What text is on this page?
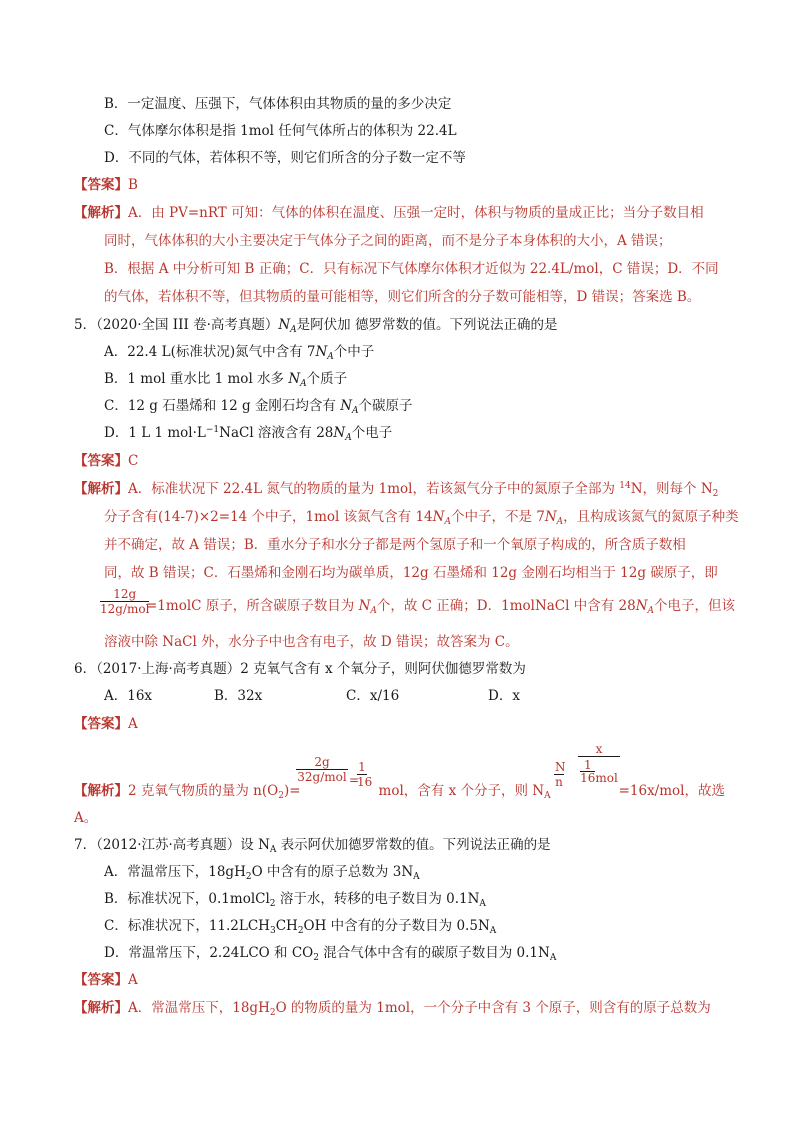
B．一定温度、压强下，气体体积由其物质的量的多少决定
C．气体摩尔体积是指 1mol 任何气体所占的体积为 22.4L
D．不同的气体，若体积不等，则它们所含的分子数一定不等
【答案】B
【解析】A．由 PV=nRT 可知：气体的体积在温度、压强一定时，体积与物质的量成正比；当分子数目相
同时，气体体积的大小主要决定于气体分子之间的距离，而不是分子本身体积的大小，A 错误；
B．根据 A 中分析可知 B 正确；C．只有标况下气体摩尔体积才近似为 22.4L/mol，C 错误；D．不同
的气体，若体积不等，但其物质的量可能相等，则它们所含的分子数可能相等，D 错误；答案选 B。
5．（2020·全国 III 卷·高考真题）$N_A$是阿伏加 德罗常数的值。下列说法正确的是
A．22.4 L(标准状况)氮气中含有 $7N_A$个中子
B．1 mol 重水比 1 mol 水多 $N_A$个质子
C．12 g 石墨烯和 12 g 金刚石均含有 $N_A$个碳原子
D．1 L 1 $mol\cdot L^{-1}NaCl$ 溶液含有 $28N_A$个电子
【答案】C
【解析】A．标准状况下 22.4L 氮气的物质的量为 1mol，若该氮气分子中的氮原子全部为 $^{14}$N，则每个 $N_2$
分子含有(14-7)×2=14 个中子，1mol 该氮气含有 $14N_A$个中子，不是 $7N_A$，且构成该氮气的氮原子种类
并不确定，故 A 错误；B．重水分子和水分子都是两个氢原子和一个氧原子构成的，所含质子数相
同，故 B 错误；C．石墨烯和金刚石均为碳单质，12g 石墨烯和 12g 金刚石均相当于 12g 碳原子，即
12g
12g/mol
=1molC 原子，所含碳原子数目为 $N_A$个，故 C 正确；D．1molNaCl 中含有 $28N_A$个电子，但该
溶液中除 NaCl 外，水分子中也含有电子，故 D 错误；故答案为 C。
6．（2017·上海·高考真题）2 克氧气含有 x 个氧分子，则阿伏伽德罗常数为
A．16x	B．32x	C．x/16	D．x
【答案】A
2g
32g/mol =
$\frac{1}{16}$	$\frac{N}{n}$
x
$\frac{1}{16}$ mol
【解析】2 克氧气物质的量为 $n(O_2)=$	mol，含有 x 个分子，则 $N_A$	=16x/mol，故选
A。
7．（2012·江苏·高考真题）设 $N_A$ 表示阿伏加德罗常数的值。下列说法正确的是
A．常温常压下，$18gH_2O$ 中含有的原子总数为 $3N_A$
B．标准状况下，0.1molCl$_2$ 溶于水，转移的电子数目为 $0.1N_A$
C．标准状况下，$11.2LCH_3CH_2OH$ 中含有的分子数目为 $0.5N_A$
D．常温常压下，2.24LCO 和 $CO_2$ 混合气体中含有的碳原子数目为 $0.1N_A$
【答案】A
【解析】A．常温常压下，$18gH_2O$ 的物质的量为 1mol，一个分子中含有 3 个原子，则含有的原子总数为
